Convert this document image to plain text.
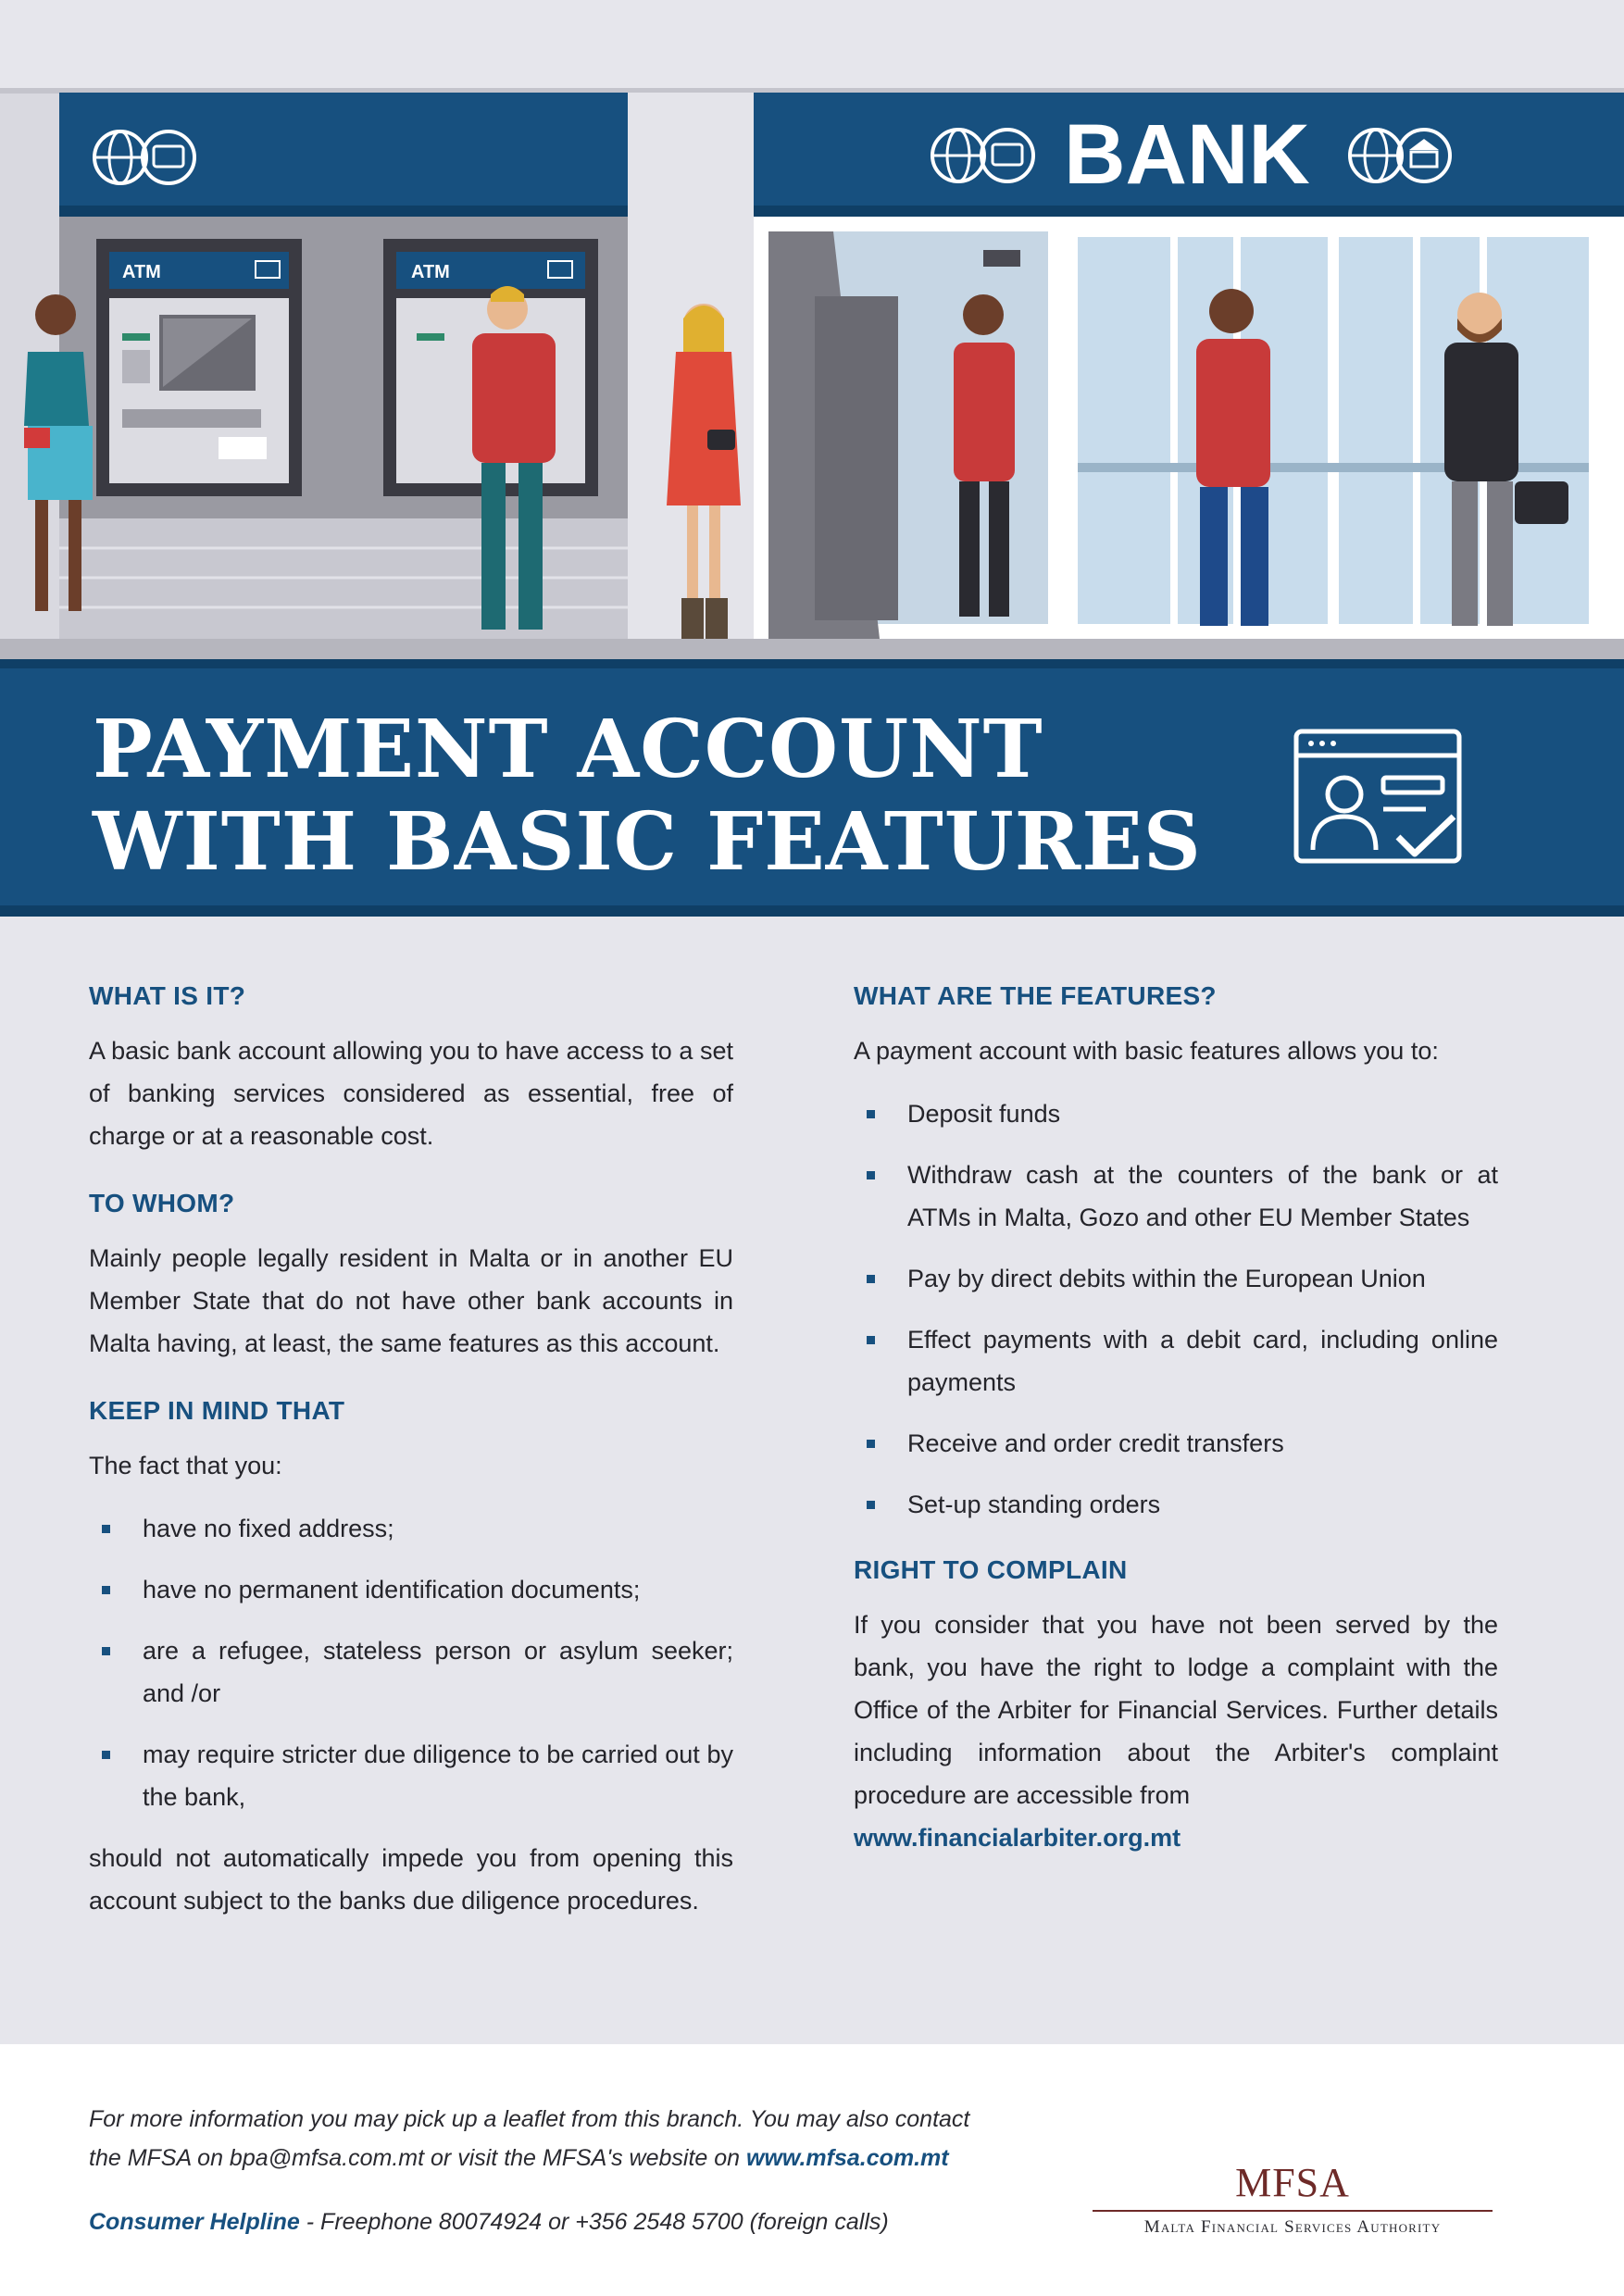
ATM	ATM
BANK
PAYMENT ACCOUNT
WITH BASIC FEATURES
WHAT IS IT?

A basic bank account allowing you to have access to a set of banking services considered as essential, free of charge or at a reasonable cost.

TO WHOM?

Mainly people legally resident in Malta or in another EU Member State that do not have other bank accounts in Malta having, at least, the same features as this account.

KEEP IN MIND THAT

The fact that you:

have no fixed address;
have no permanent identification documents;
are a refugee, stateless person or asylum seeker; and /or
may require stricter due diligence to be carried out by the bank,

should not automatically impede you from opening this account subject to the banks due diligence procedures.

WHAT ARE THE FEATURES?

A payment account with basic features allows you to:

Deposit funds
Withdraw cash at the counters of the bank or at ATMs in Malta, Gozo and other EU Member States
Pay by direct debits within the European Union
Effect payments with a debit card, including online payments
Receive and order credit transfers
Set-up standing orders
RIGHT TO COMPLAIN

If you consider that you have not been served by the bank, you have the right to lodge a complaint with the Office of the Arbiter for Financial Services. Further details including information about the Arbiter's complaint procedure are accessible from

www.financialarbiter.org.mt
For more information you may pick up a leaflet from this branch. You may also contact
the MFSA on bpa@mfsa.com.mt or visit the MFSA's website on www.mfsa.com.mt
Consumer Helpline - Freephone 80074924 or +356 2548 5700 (foreign calls)
MFSA
Malta Financial Services Authority
